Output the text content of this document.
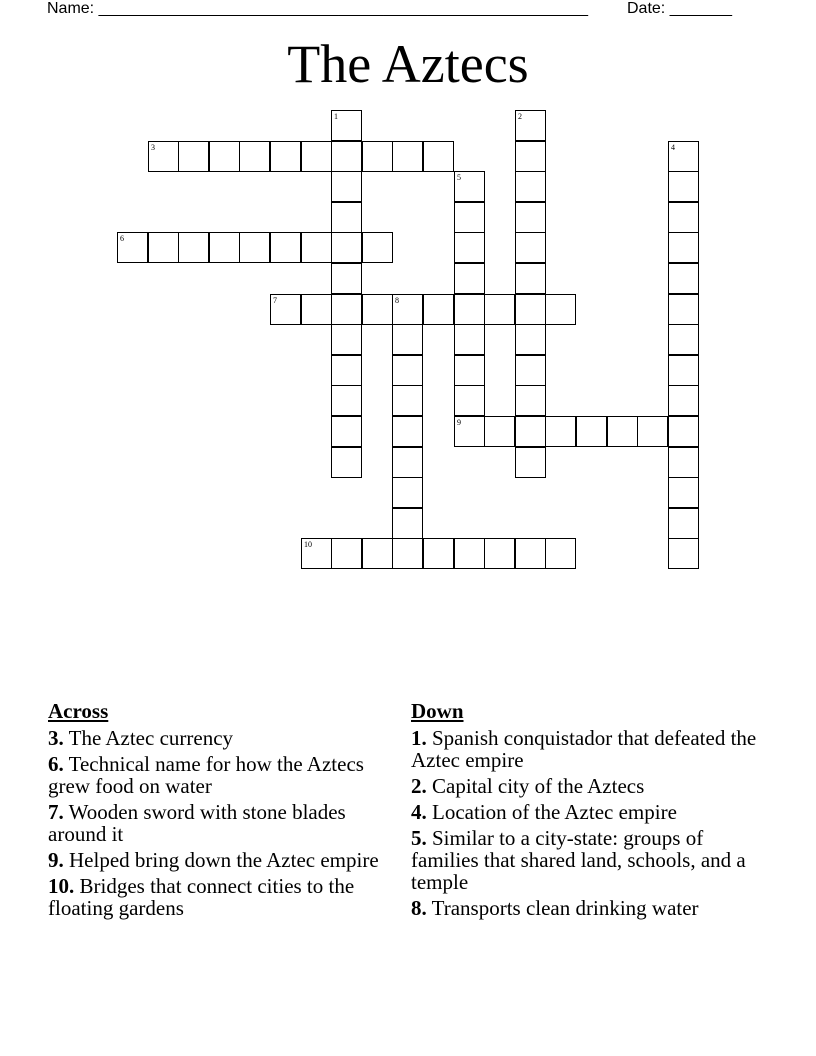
Name: _______________________________________________________ Date: _______
The Aztecs
1	2
3	4
5
9
6
7	8
10
Across
3. The Aztec currency
6. Technical name for how the Aztecs grew food on water
7. Wooden sword with stone blades around it
9. Helped bring down the Aztec empire
10. Bridges that connect cities to the floating gardens
Down
1. Spanish conquistador that defeated the Aztec empire
2. Capital city of the Aztecs
4. Location of the Aztec empire
5. Similar to a city-state: groups of families that shared land, schools, and a temple
8. Transports clean drinking water
